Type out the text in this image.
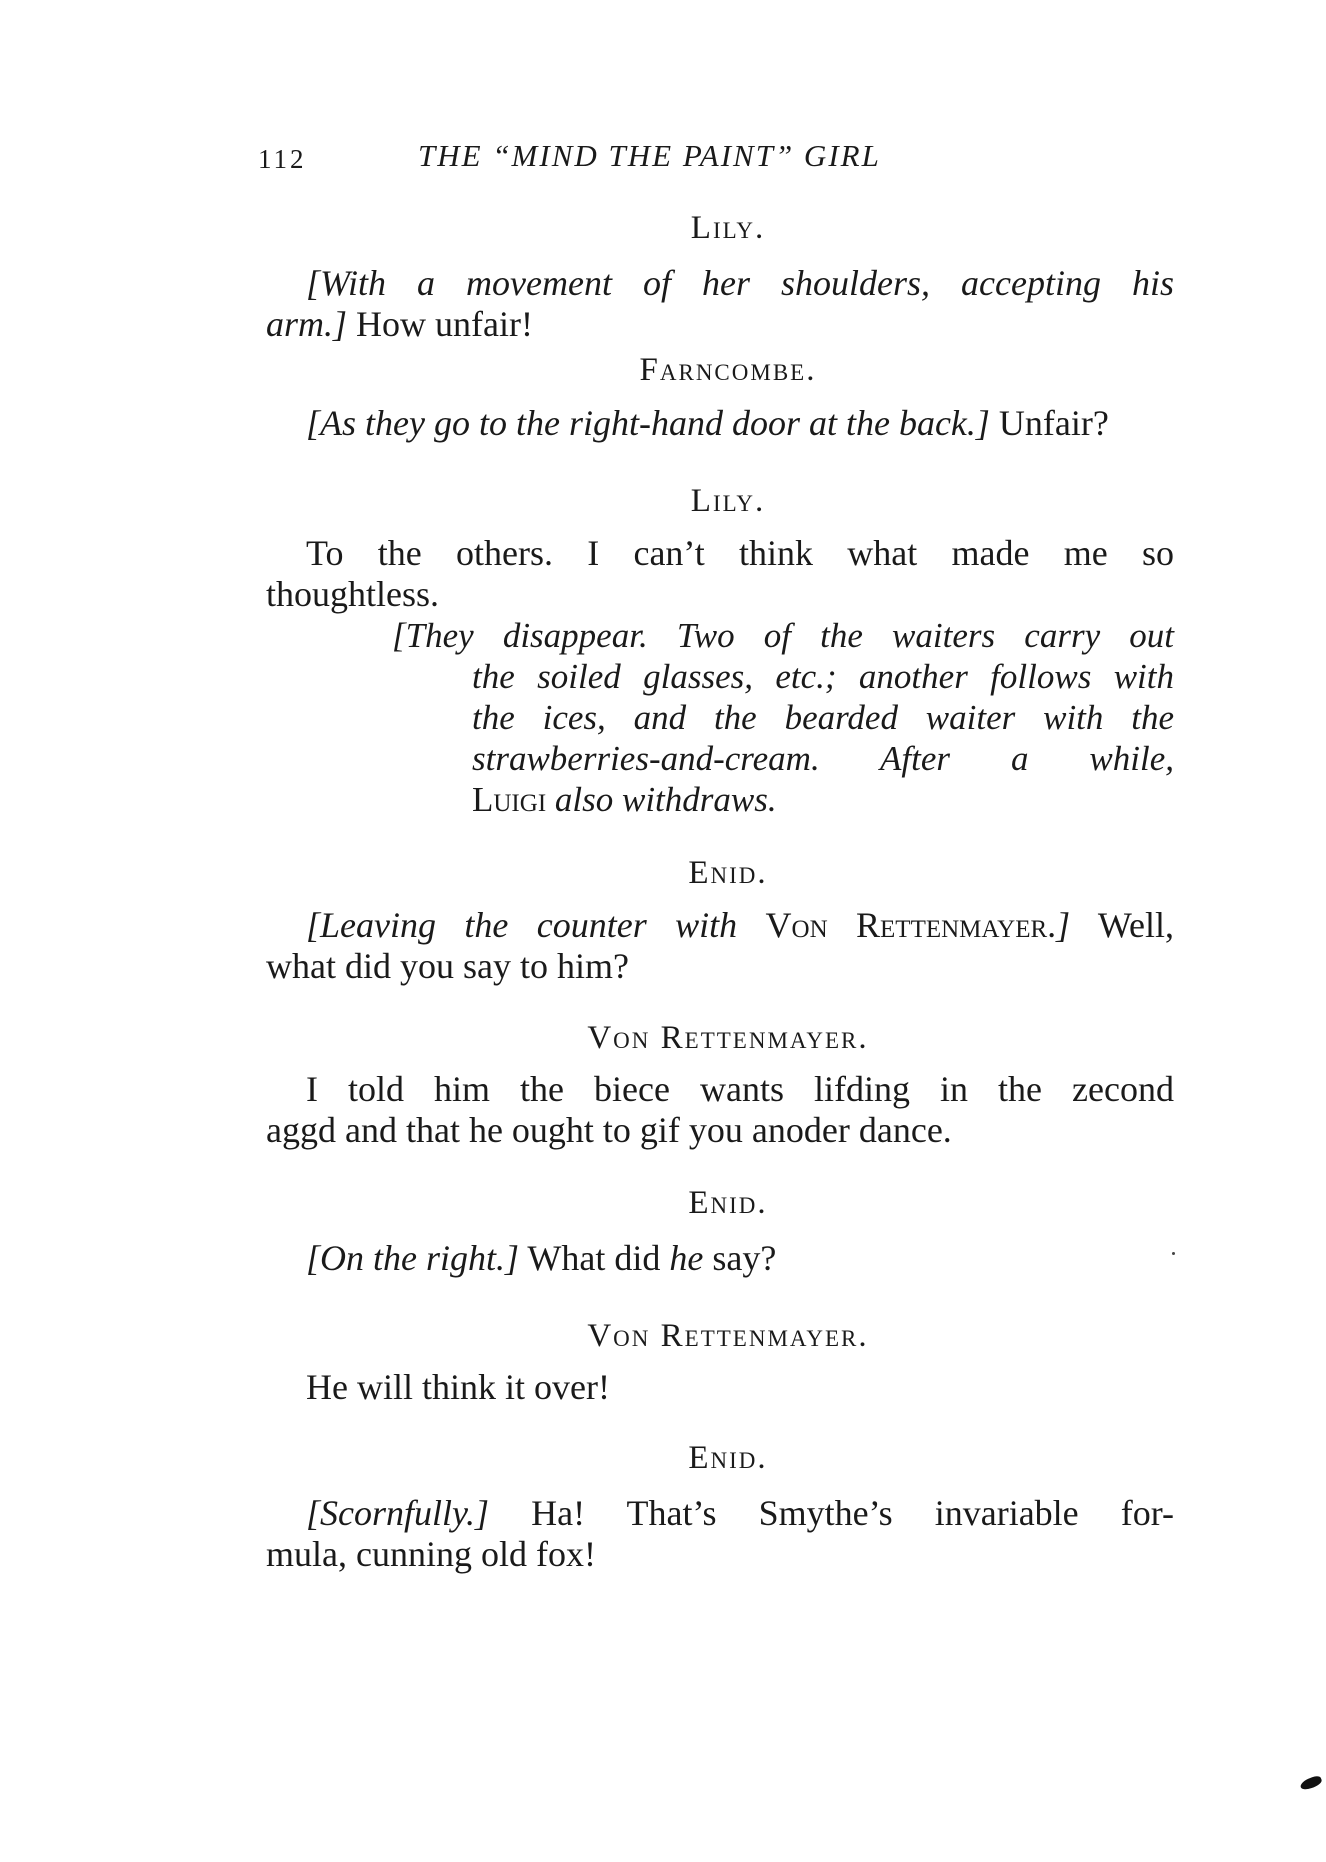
112	THE “MIND THE PAINT” GIRL
Lily.
[With a movement of her shoulders, accepting his
arm.] How unfair!
Farncombe.
[As they go to the right-hand door at the back.] Unfair?
Lily.
To the others. I can’t think what made me so
thoughtless.
[They disappear. Two of the waiters carry out
the soiled glasses, etc.; another follows with
the ices, and the bearded waiter with the
strawberries-and-cream. After a while,
Luigi also withdraws.
Enid.
[Leaving the counter with Von Rettenmayer.] Well,
what did you say to him?
Von Rettenmayer.
I told him the biece wants lifding in the zecond
aggd and that he ought to gif you anoder dance.
Enid.
[On the right.] What did he say?
Von Rettenmayer.
He will think it over!
Enid.
[Scornfully.] Ha! That’s Smythe’s invariable for-
mula, cunning old fox!
